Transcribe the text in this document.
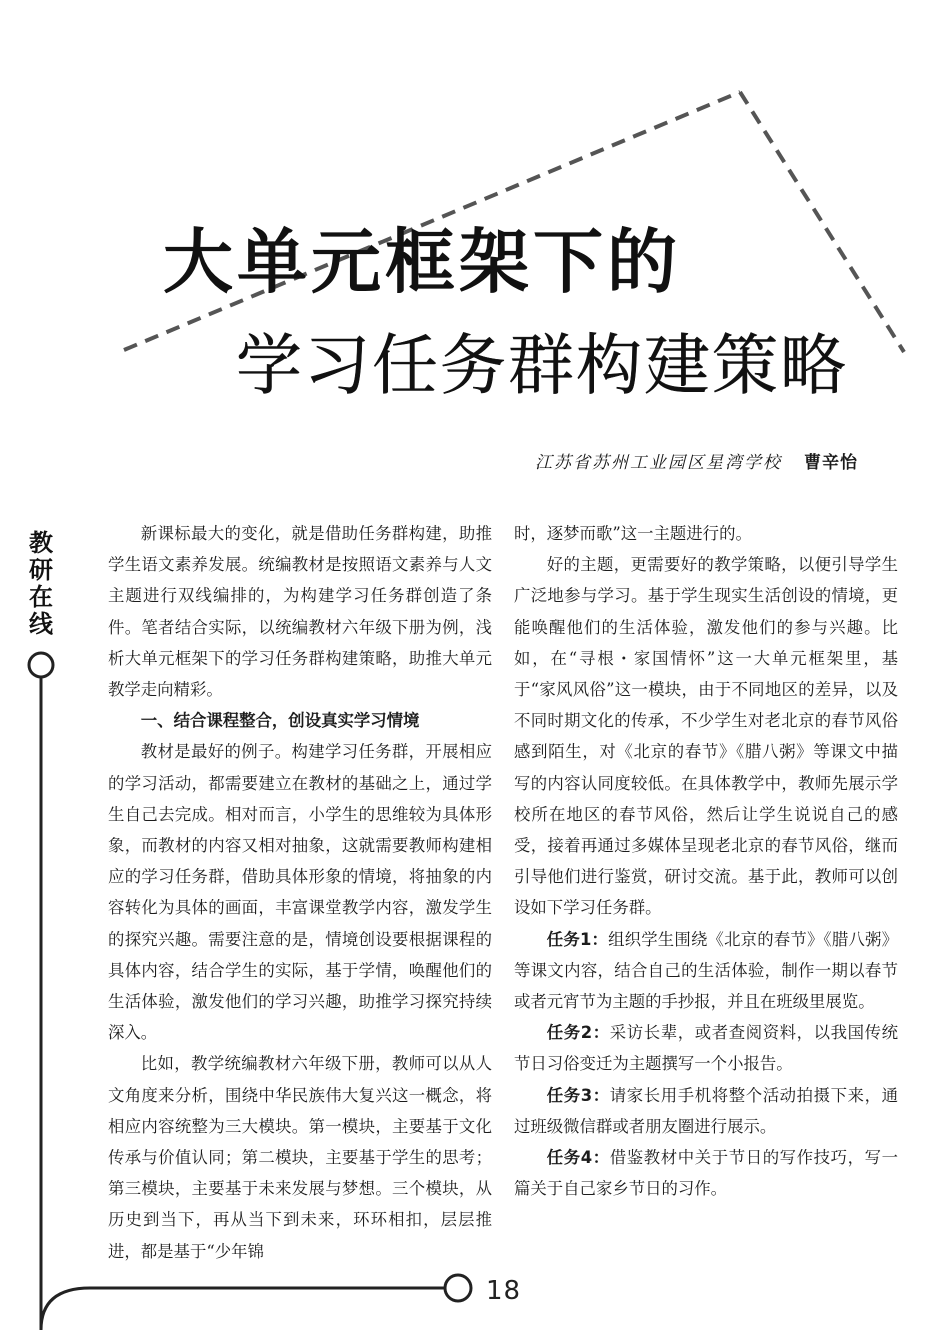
大单元框架下的
学习任务群构建策略
江苏省苏州工业园区星湾学校 曹辛怡
教
研
在
线

新课标最大的变化，就是借助任务群构建，助推学生语文素养发展。统编教材是按照语文素养与人文主题进行双线编排的，为构建学习任务群创造了条件。笔者结合实际，以统编教材六年级下册为例，浅析大单元框架下的学习任务群构建策略，助推大单元教学走向精彩。

一、结合课程整合，创设真实学习情境

教材是最好的例子。构建学习任务群，开展相应的学习活动，都需要建立在教材的基础之上，通过学生自己去完成。相对而言，小学生的思维较为具体形象，而教材的内容又相对抽象，这就需要教师构建相应的学习任务群，借助具体形象的情境，将抽象的内容转化为具体的画面，丰富课堂教学内容，激发学生的探究兴趣。需要注意的是，情境创设要根据课程的具体内容，结合学生的实际，基于学情，唤醒他们的生活体验，激发他们的学习兴趣，助推学习探究持续深入。

比如，教学统编教材六年级下册，教师可以从人文角度来分析，围绕中华民族伟大复兴这一概念，将相应内容统整为三大模块。第一模块，主要基于文化传承与价值认同；第二模块，主要基于学生的思考；第三模块，主要基于未来发展与梦想。三个模块，从历史到当下，再从当下到未来，环环相扣，层层推进，都是基于“少年锦

时，逐梦而歌”这一主题进行的。

好的主题，更需要好的教学策略，以便引导学生广泛地参与学习。基于学生现实生活创设的情境，更能唤醒他们的生活体验，激发他们的参与兴趣。比如，在“寻根・家国情怀”这一大单元框架里，基于“家风风俗”这一模块，由于不同地区的差异，以及不同时期文化的传承，不少学生对老北京的春节风俗感到陌生，对《北京的春节》《腊八粥》等课文中描写的内容认同度较低。在具体教学中，教师先展示学校所在地区的春节风俗，然后让学生说说自己的感受，接着再通过多媒体呈现老北京的春节风俗，继而引导他们进行鉴赏，研讨交流。基于此，教师可以创设如下学习任务群。

任务1：组织学生围绕《北京的春节》《腊八粥》等课文内容，结合自己的生活体验，制作一期以春节或者元宵节为主题的手抄报，并且在班级里展览。

任务2：采访长辈，或者查阅资料，以我国传统节日习俗变迁为主题撰写一个小报告。

任务3：请家长用手机将整个活动拍摄下来，通过班级微信群或者朋友圈进行展示。

任务4：借鉴教材中关于节日的写作技巧，写一篇关于自己家乡节日的习作。

18
